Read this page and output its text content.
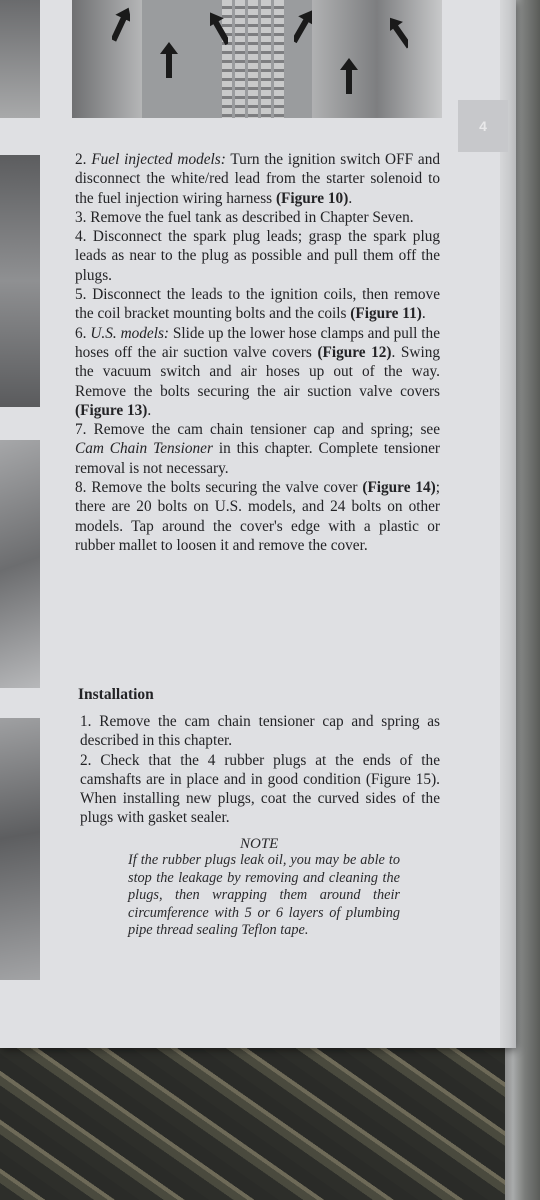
4

2. Fuel injected models: Turn the ignition switch OFF and disconnect the white/red lead from the starter solenoid to the fuel injection wiring harness (Figure 10).

3. Remove the fuel tank as described in Chapter Seven.

4. Disconnect the spark plug leads; grasp the spark plug leads as near to the plug as possible and pull them off the plugs.

5. Disconnect the leads to the ignition coils, then remove the coil bracket mounting bolts and the coils (Figure 11).

6. U.S. models: Slide up the lower hose clamps and pull the hoses off the air suction valve covers (Figure 12). Swing the vacuum switch and air hoses up out of the way. Remove the bolts securing the air suction valve covers (Figure 13).

7. Remove the cam chain tensioner cap and spring; see Cam Chain Tensioner in this chapter. Complete tensioner removal is not necessary.

8. Remove the bolts securing the valve cover (Figure 14); there are 20 bolts on U.S. models, and 24 bolts on other models. Tap around the cover's edge with a plastic or rubber mallet to loosen it and remove the cover.

Installation

1. Remove the cam chain tensioner cap and spring as described in this chapter.

2. Check that the 4 rubber plugs at the ends of the camshafts are in place and in good condition (Figure 15). When installing new plugs, coat the curved sides of the plugs with gasket sealer.

NOTE
If the rubber plugs leak oil, you may be able to stop the leakage by removing and cleaning the plugs, then wrapping them around their circumference with 5 or 6 layers of plumbing pipe thread sealing Teflon tape.
